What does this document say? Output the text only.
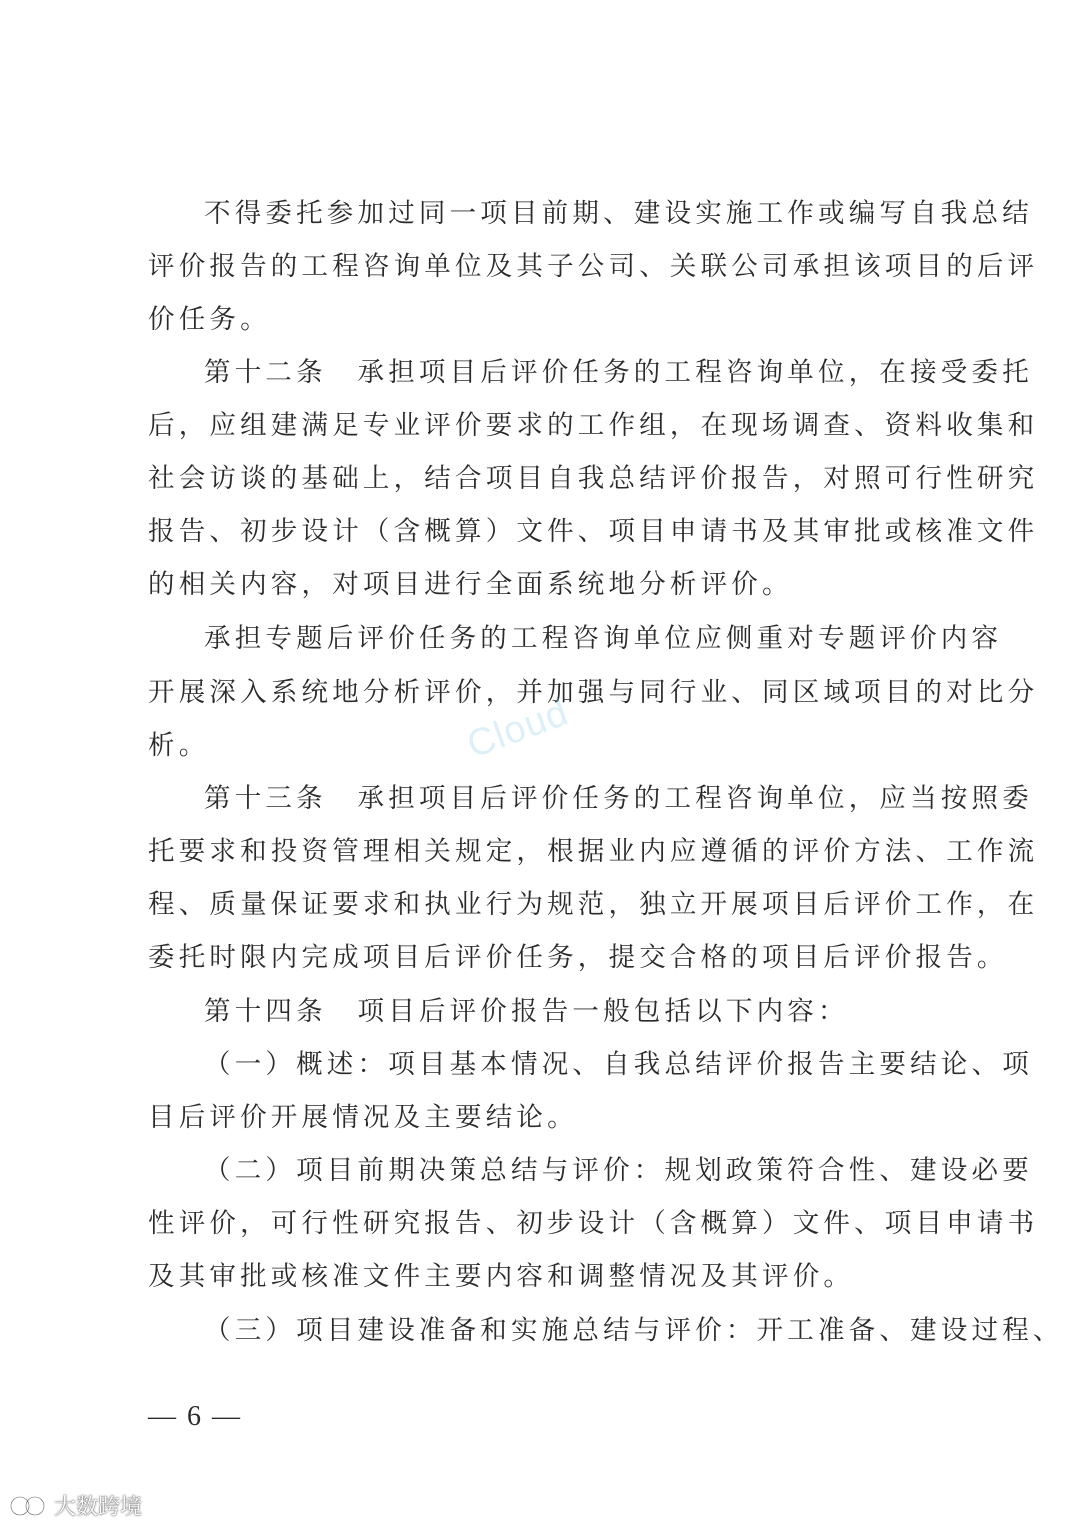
不得委托参加过同一项目前期、建设实施工作或编写自我总结
评价报告的工程咨询单位及其子公司、关联公司承担该项目的后评
价任务。
第十二条　承担项目后评价任务的工程咨询单位，在接受委托
后，应组建满足专业评价要求的工作组，在现场调查、资料收集和
社会访谈的基础上，结合项目自我总结评价报告，对照可行性研究
报告、初步设计（含概算）文件、项目申请书及其审批或核准文件
的相关内容，对项目进行全面系统地分析评价。
承担专题后评价任务的工程咨询单位应侧重对专题评价内容
开展深入系统地分析评价，并加强与同行业、同区域项目的对比分
析。
第十三条　承担项目后评价任务的工程咨询单位，应当按照委
托要求和投资管理相关规定，根据业内应遵循的评价方法、工作流
程、质量保证要求和执业行为规范，独立开展项目后评价工作，在
委托时限内完成项目后评价任务，提交合格的项目后评价报告。
第十四条　项目后评价报告一般包括以下内容：
（一）概述：项目基本情况、自我总结评价报告主要结论、项
目后评价开展情况及主要结论。
（二）项目前期决策总结与评价：规划政策符合性、建设必要
性评价，可行性研究报告、初步设计（含概算）文件、项目申请书
及其审批或核准文件主要内容和调整情况及其评价。
（三）项目建设准备和实施总结与评价：开工准备、建设过程、
— 6 —
Cloud
大数跨境
